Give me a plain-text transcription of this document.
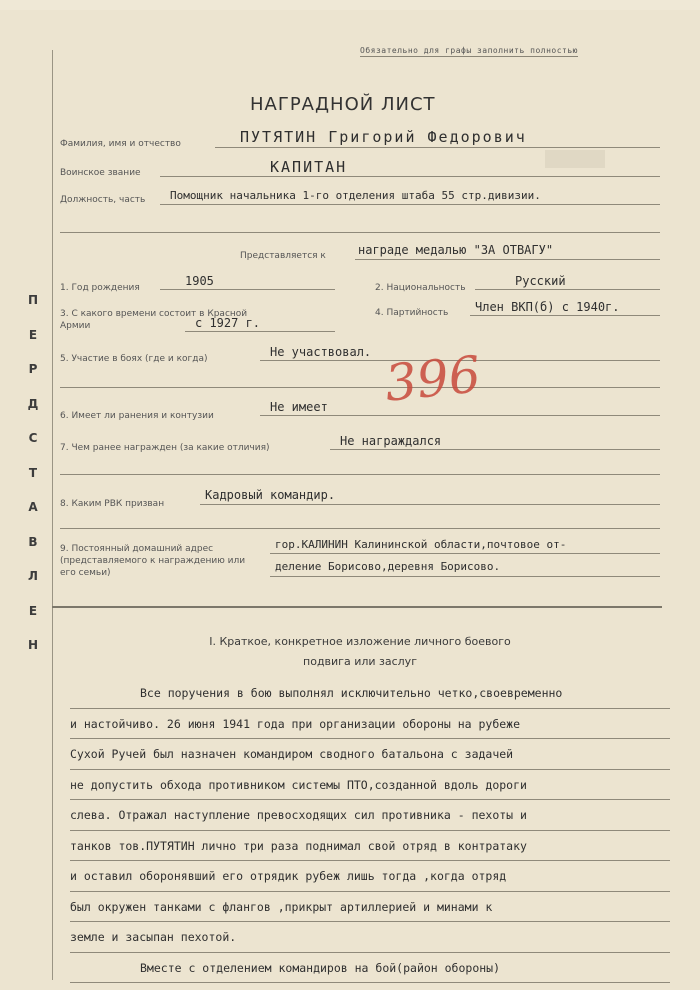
Обязательно для графы заполнить полностью
НАГРАДНОЙ ЛИСТ
Фамилия, имя и отчество	ПУТЯТИН Григорий Федорович
Воинское звание	КАПИТАН
Должность, часть Помощник начальника 1-го отделения штаба 55 стр.дивизии.
Представляется к	награде медалью "ЗА ОТВАГУ"
1. Год рождения	1905	2. Национальность	Русский
3. С какого времени состоит в Красной Армии	с 1927 г.
4. Партийность Член ВКП(б) с 1940г.
5. Участие в боях (где и когда)	Не участвовал. 396
6. Имеет ли ранения и контузии
Не имеет
7. Чем ранее награжден (за какие отличия)	Не награждался
8. Каким РВК призван
Кадровый командир.
9. Постоянный домашний адрес (представляемого к награждению или его семьи)
гор.КАЛИНИН Калининской области,почтовое от-
деление Борисово,деревня Борисово.
I. Краткое, конкретное изложение личного боевого
подвига или заслуг
Все поручения в бою выполнял исключительно четко,своевременно
и настойчиво. 26 июня 1941 года при организации обороны на рубеже
Сухой Ручей был назначен командиром сводного батальона с задачей
не допустить обхода противником системы ПТО,созданной вдоль дороги
слева. Отражал наступление превосходящих сил противника - пехоты и
танков тов.ПУТЯТИН лично три раза поднимал свой отряд в контратаку
и оставил оборонявший его отрядик рубеж лишь тогда ,когда отряд
был окружен танками с флангов ,прикрыт артиллерией и минами к
земле и засыпан пехотой.
Вместе с отделением командиров на бой(район обороны)
П
Е
Р
Д
С
Т
А
В
Л
Е
Н
